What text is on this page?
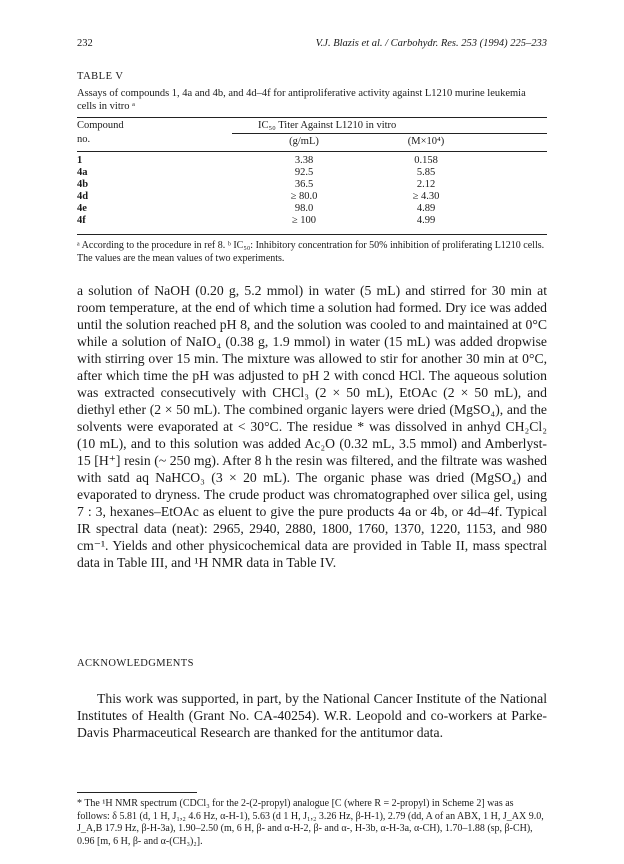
232	V.J. Blazis et al. / Carbohydr. Res. 253 (1994) 225–233
TABLE V
Assays of compounds 1, 4a and 4b, and 4d–4f for antiproliferative activity against L1210 murine leukemia cells in vitro ᵃ
Compound
no.
IC₅₀ Titer Against L1210 in vitro
(g/mL)	(M×10⁴)
1	3.38	0.158
4a	92.5	5.85
4b	36.5	2.12
4d	≥ 80.0	≥ 4.30
4e	98.0	4.89
4f	≥ 100	4.99
ᵃ According to the procedure in ref 8. ᵇ IC₅₀: Inhibitory concentration for 50% inhibition of proliferating L1210 cells. The values are the mean values of two experiments.

a solution of NaOH (0.20 g, 5.2 mmol) in water (5 mL) and stirred for 30 min at room temperature, at the end of which time a solution had formed. Dry ice was added until the solution reached pH 8, and the solution was cooled to and maintained at 0°C while a solution of NaIO₄ (0.38 g, 1.9 mmol) in water (15 mL) was added dropwise with stirring over 15 min. The mixture was allowed to stir for another 30 min at 0°C, after which time the pH was adjusted to pH 2 with concd HCl. The aqueous solution was extracted consecutively with CHCl₃ (2 × 50 mL), EtOAc (2 × 50 mL), and diethyl ether (2 × 50 mL). The combined organic layers were dried (MgSO₄), and the solvents were evaporated at < 30°C. The residue * was dissolved in anhyd CH₂Cl₂ (10 mL), and to this solution was added Ac₂O (0.32 mL, 3.5 mmol) and Amberlyst-15 [H⁺] resin (~ 250 mg). After 8 h the resin was filtered, and the filtrate was washed with satd aq NaHCO₃ (3 × 20 mL). The organic phase was dried (MgSO₄) and evaporated to dryness. The crude product was chromatographed over silica gel, using 7 : 3, hexanes–EtOAc as eluent to give the pure products 4a or 4b, or 4d–4f. Typical IR spectral data (neat): 2965, 2940, 2880, 1800, 1760, 1370, 1220, 1153, and 980 cm⁻¹. Yields and other physicochemical data are provided in Table II, mass spectral data in Table III, and ¹H NMR data in Table IV.

ACKNOWLEDGMENTS
This work was supported, in part, by the National Cancer Institute of the National Institutes of Health (Grant No. CA-40254). W.R. Leopold and co-workers at Parke-Davis Pharmaceutical Research are thanked for the antitumor data.
* The ¹H NMR spectrum (CDCl₃ for the 2-(2-propyl) analogue [C (where R = 2-propyl) in Scheme 2] was as follows: δ 5.81 (d, 1 H, J₁,₂ 4.6 Hz, α-H-1), 5.63 (d 1 H, J₁,₂ 3.26 Hz, β-H-1), 2.79 (dd, A of an ABX, 1 H, J_AX 9.0, J_A,B 17.9 Hz, β-H-3a), 1.90–2.50 (m, 6 H, β- and α-H-2, β- and α-, H-3b, α-H-3a, α-CH), 1.70–1.88 (sp, β-CH), 0.96 [m, 6 H, β- and α-(CH₃)₂].
